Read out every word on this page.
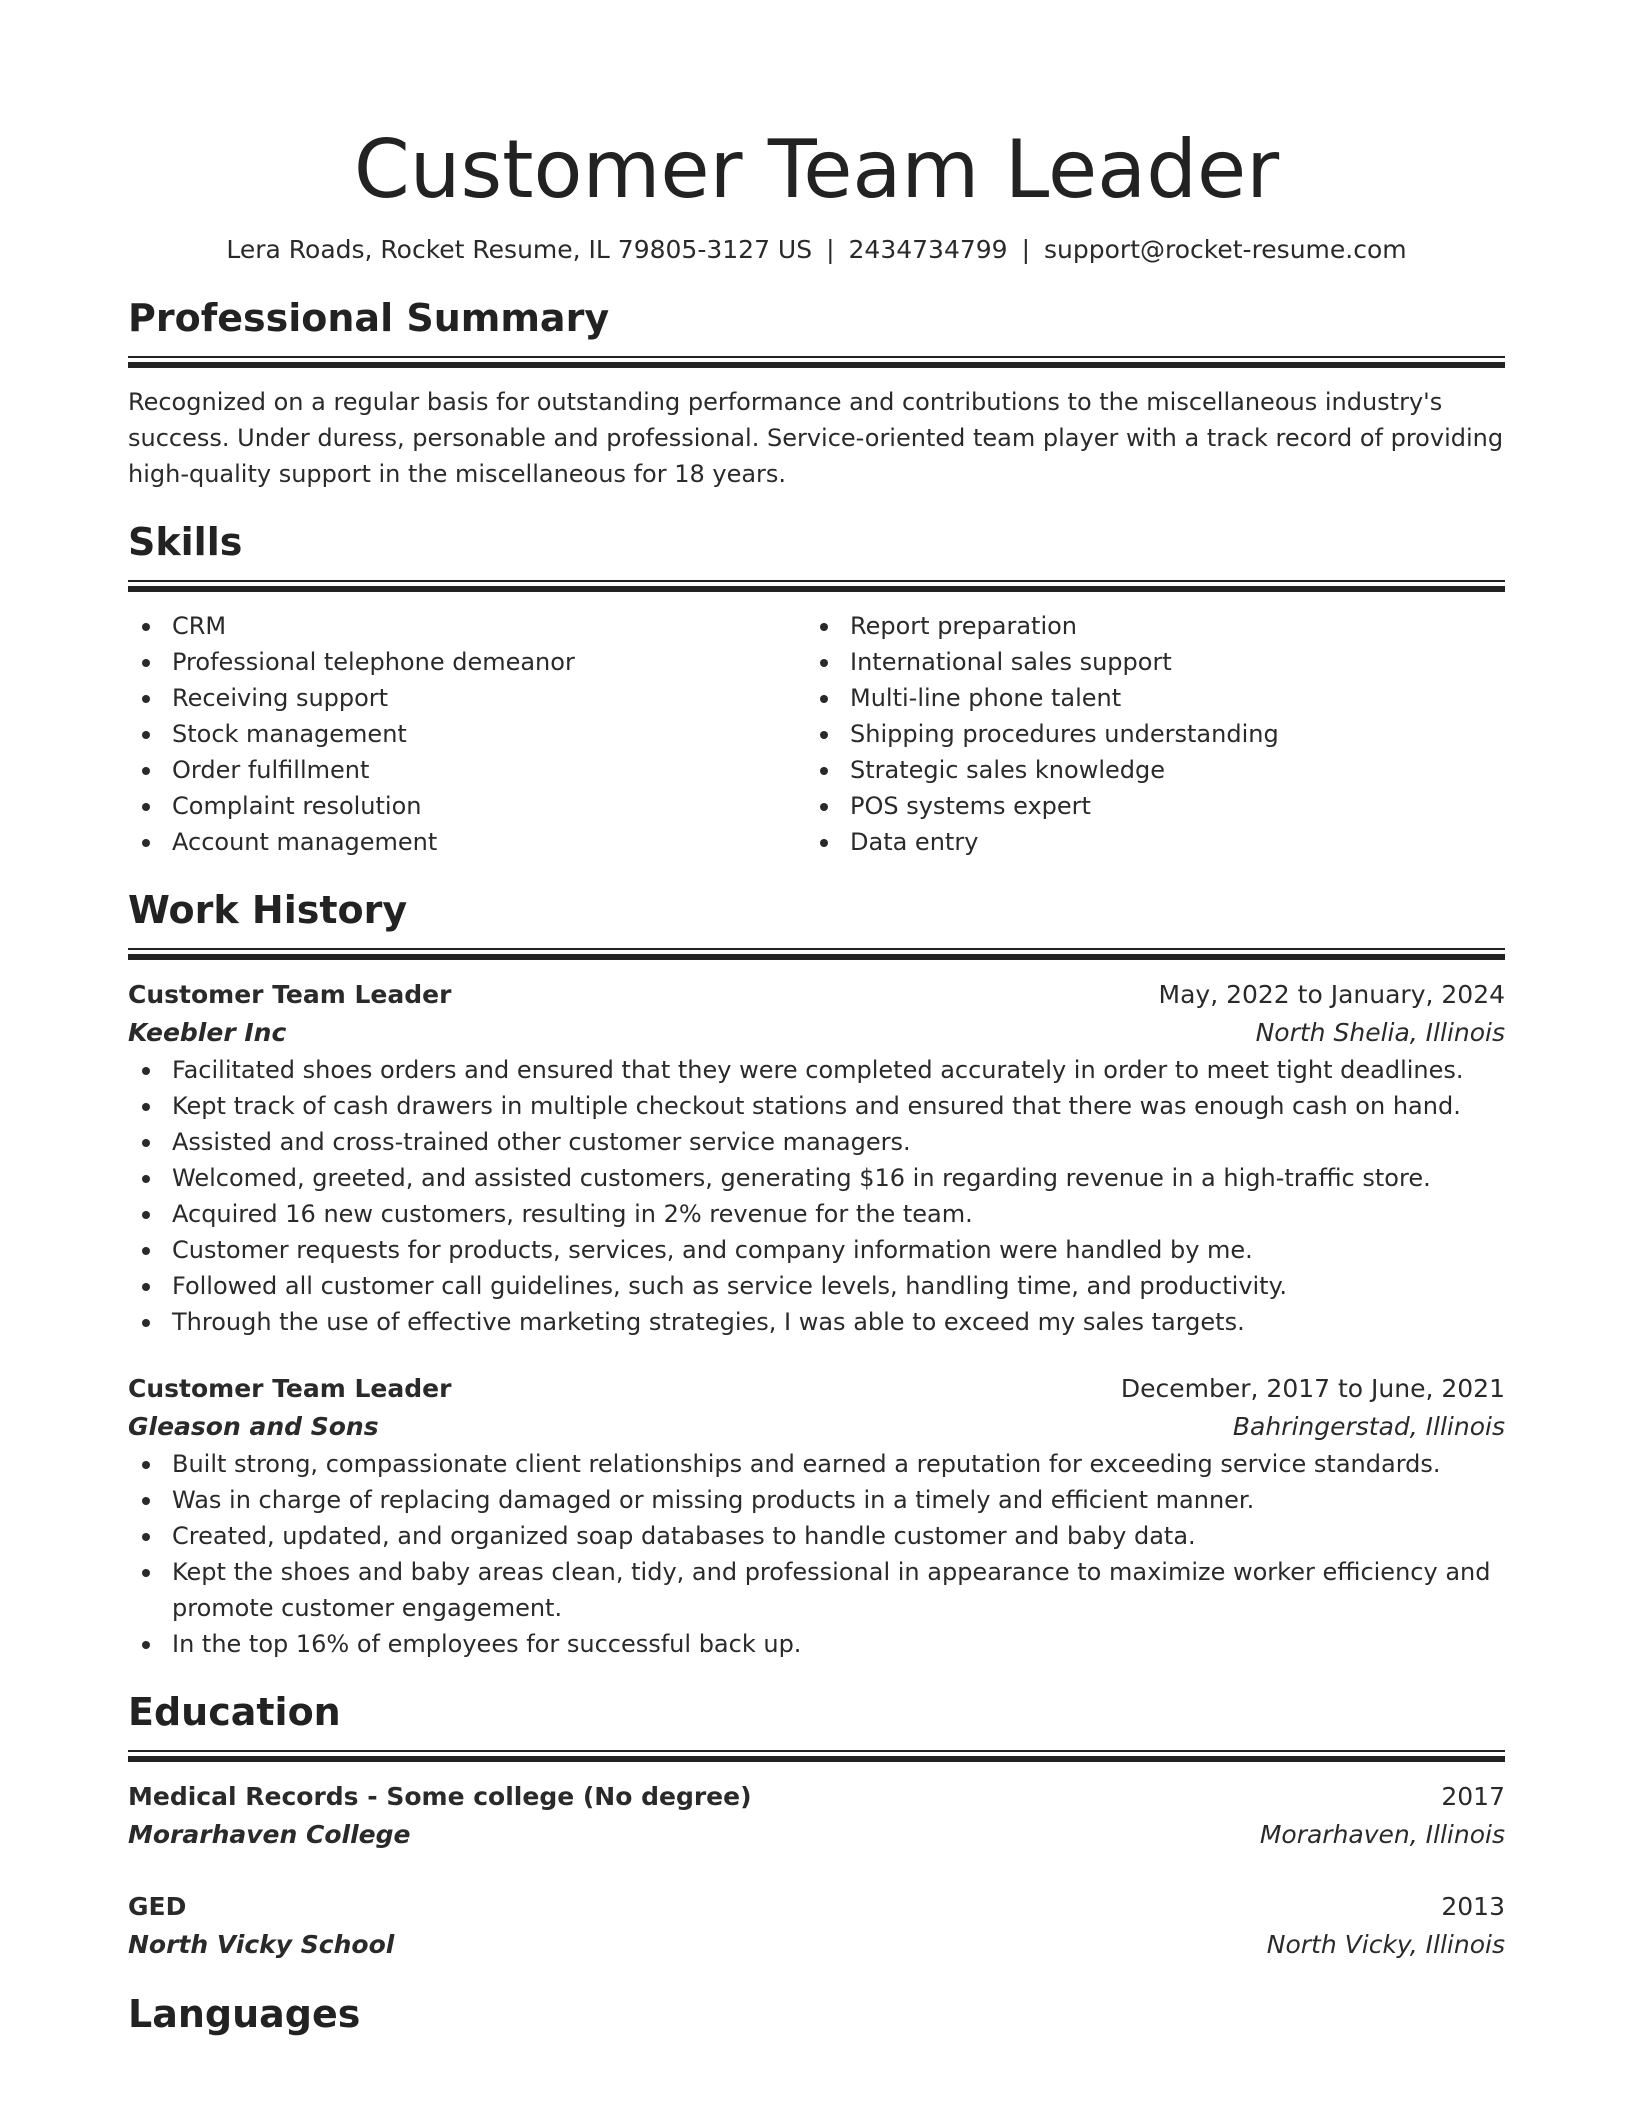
Customer Team Leader
Lera Roads, Rocket Resume, IL 79805-3127 US | 2434734799 | support@rocket-resume.com
Professional Summary
Recognized on a regular basis for outstanding performance and contributions to the miscellaneous industry's success. Under duress, personable and professional. Service-oriented team player with a track record of providing high-quality support in the miscellaneous for 18 years.
Skills
CRM
Professional telephone demeanor
Receiving support
Stock management
Order fulfillment
Complaint resolution
Account management
Report preparation
International sales support
Multi-line phone talent
Shipping procedures understanding
Strategic sales knowledge
POS systems expert
Data entry
Work History
Customer Team Leader	May, 2022 to January, 2024
Keebler Inc	North Shelia, Illinois
Facilitated shoes orders and ensured that they were completed accurately in order to meet tight deadlines.
Kept track of cash drawers in multiple checkout stations and ensured that there was enough cash on hand.
Assisted and cross-trained other customer service managers.
Welcomed, greeted, and assisted customers, generating $16 in regarding revenue in a high-traffic store.
Acquired 16 new customers, resulting in 2% revenue for the team.
Customer requests for products, services, and company information were handled by me.
Followed all customer call guidelines, such as service levels, handling time, and productivity.
Through the use of effective marketing strategies, I was able to exceed my sales targets.
Customer Team Leader	December, 2017 to June, 2021
Gleason and Sons	Bahringerstad, Illinois
Built strong, compassionate client relationships and earned a reputation for exceeding service standards.
Was in charge of replacing damaged or missing products in a timely and efficient manner.
Created, updated, and organized soap databases to handle customer and baby data.
Kept the shoes and baby areas clean, tidy, and professional in appearance to maximize worker efficiency and promote customer engagement.
In the top 16% of employees for successful back up.
Education
Medical Records - Some college (No degree)	2017
Morarhaven College	Morarhaven, Illinois
GED	2013
North Vicky School	North Vicky, Illinois
Languages
